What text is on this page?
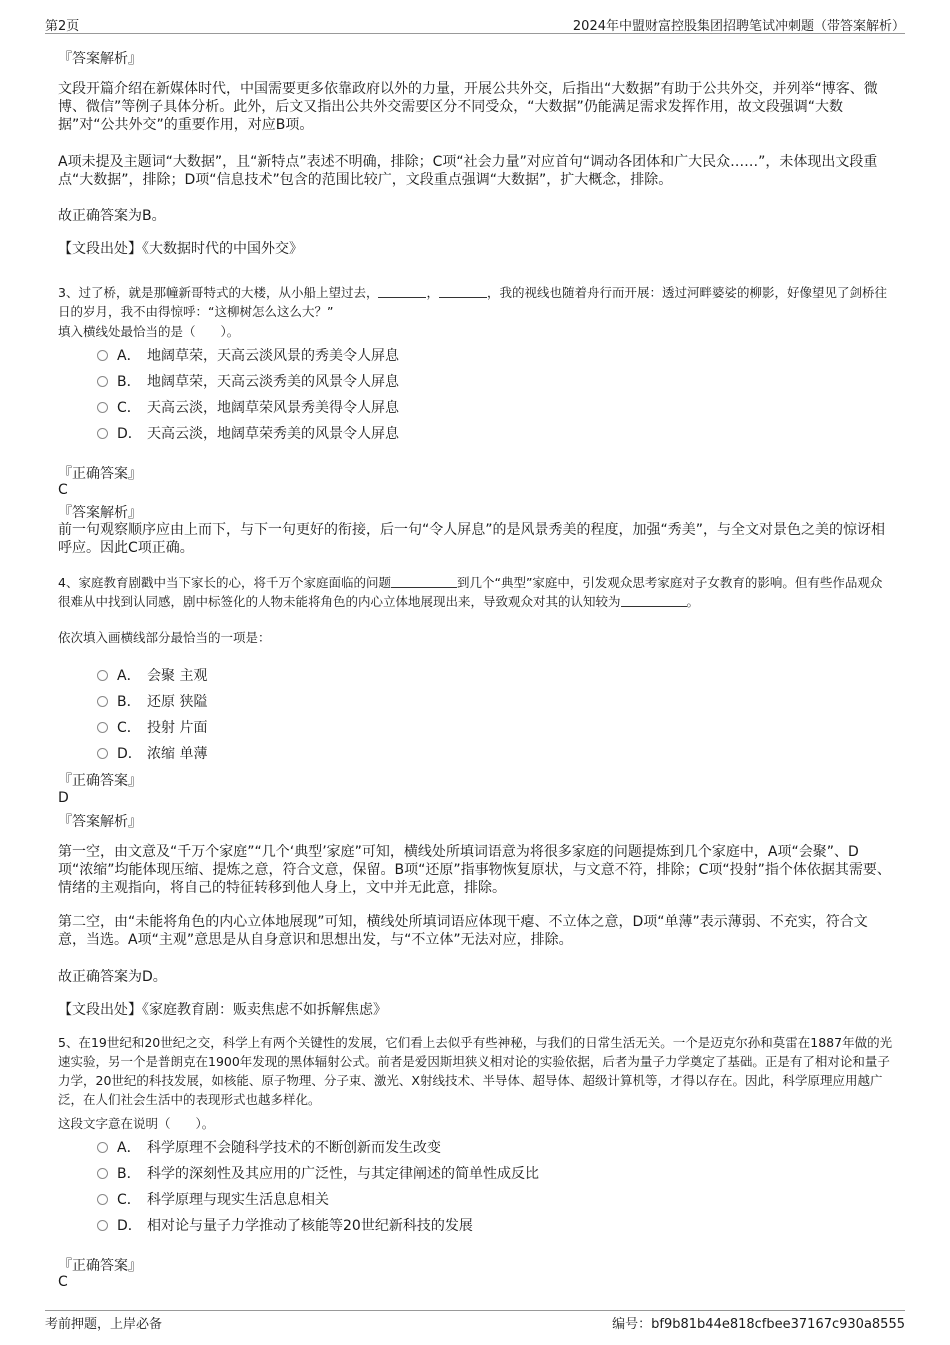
第2页	2024年中盟财富控股集团招聘笔试冲刺题（带答案解析）
『答案解析』
文段开篇介绍在新媒体时代，中国需要更多依靠政府以外的力量，开展公共外交，后指出“大数据”有助于公共外交，并列举“博客、微博、微信”等例子具体分析。此外，后文又指出公共外交需要区分不同受众，“大数据”仍能满足需求发挥作用，故文段强调“大数据”对“公共外交”的重要作用，对应B项。
A项未提及主题词“大数据”，且“新特点”表述不明确，排除；C项“社会力量”对应首句“调动各团体和广大民众……”，未体现出文段重点“大数据”，排除；D项“信息技术”包含的范围比较广，文段重点强调“大数据”，扩大概念，排除。
故正确答案为B。
【文段出处】《大数据时代的中国外交》
3、过了桥，就是那幢新哥特式的大楼，从小船上望过去，	，	，我的视线也随着舟行而开展：透过河畔婆娑的柳影，好像望见了剑桥往日的岁月，我不由得惊呼：“这柳树怎么这么大？”
填入横线处最恰当的是（　　）。
A． 地阔草荣，天高云淡风景的秀美令人屏息
B． 地阔草荣，天高云淡秀美的风景令人屏息
C． 天高云淡，地阔草荣风景秀美得令人屏息
D． 天高云淡，地阔草荣秀美的风景令人屏息
『正确答案』
C
『答案解析』
前一句观察顺序应由上而下，与下一句更好的衔接，后一句“令人屏息”的是风景秀美的程度，加强“秀美”，与全文对景色之美的惊讶相呼应。因此C项正确。
4、家庭教育剧戳中当下家长的心，将千万个家庭面临的问题	到几个“典型”家庭中，引发观众思考家庭对子女教育的影响。但有些作品观众很难从中找到认同感，剧中标签化的人物未能将角色的内心立体地展现出来，导致观众对其的认知较为	。
依次填入画横线部分最恰当的一项是：
A． 会聚 主观
B． 还原 狭隘
C． 投射 片面
D． 浓缩 单薄
『正确答案』
D
『答案解析』
第一空，由文意及“千万个家庭”“几个‘典型’家庭”可知，横线处所填词语意为将很多家庭的问题提炼到几个家庭中，A项“会聚”、D项“浓缩”均能体现压缩、提炼之意，符合文意，保留。B项“还原”指事物恢复原状，与文意不符，排除；C项“投射”指个体依据其需要、情绪的主观指向，将自己的特征转移到他人身上，文中并无此意，排除。
第二空，由“未能将角色的内心立体地展现”可知，横线处所填词语应体现干瘪、不立体之意，D项“单薄”表示薄弱、不充实，符合文意，当选。A项“主观”意思是从自身意识和思想出发，与“不立体”无法对应，排除。
故正确答案为D。
【文段出处】《家庭教育剧：贩卖焦虑不如拆解焦虑》
5、在19世纪和20世纪之交，科学上有两个关键性的发展，它们看上去似乎有些神秘，与我们的日常生活无关。一个是迈克尔孙和莫雷在1887年做的光速实验，另一个是普朗克在1900年发现的黑体辐射公式。前者是爱因斯坦狭义相对论的实验依据，后者为量子力学奠定了基础。正是有了相对论和量子力学，20世纪的科技发展，如核能、原子物理、分子束、激光、X射线技术、半导体、超导体、超级计算机等，才得以存在。因此，科学原理应用越广泛，在人们社会生活中的表现形式也越多样化。
这段文字意在说明（　　）。
A． 科学原理不会随科学技术的不断创新而发生改变
B． 科学的深刻性及其应用的广泛性，与其定律阐述的简单性成反比
C． 科学原理与现实生活息息相关
D． 相对论与量子力学推动了核能等20世纪新科技的发展
『正确答案』
C
考前押题，上岸必备	编号：bf9b81b44e818cfbee37167c930a8555
